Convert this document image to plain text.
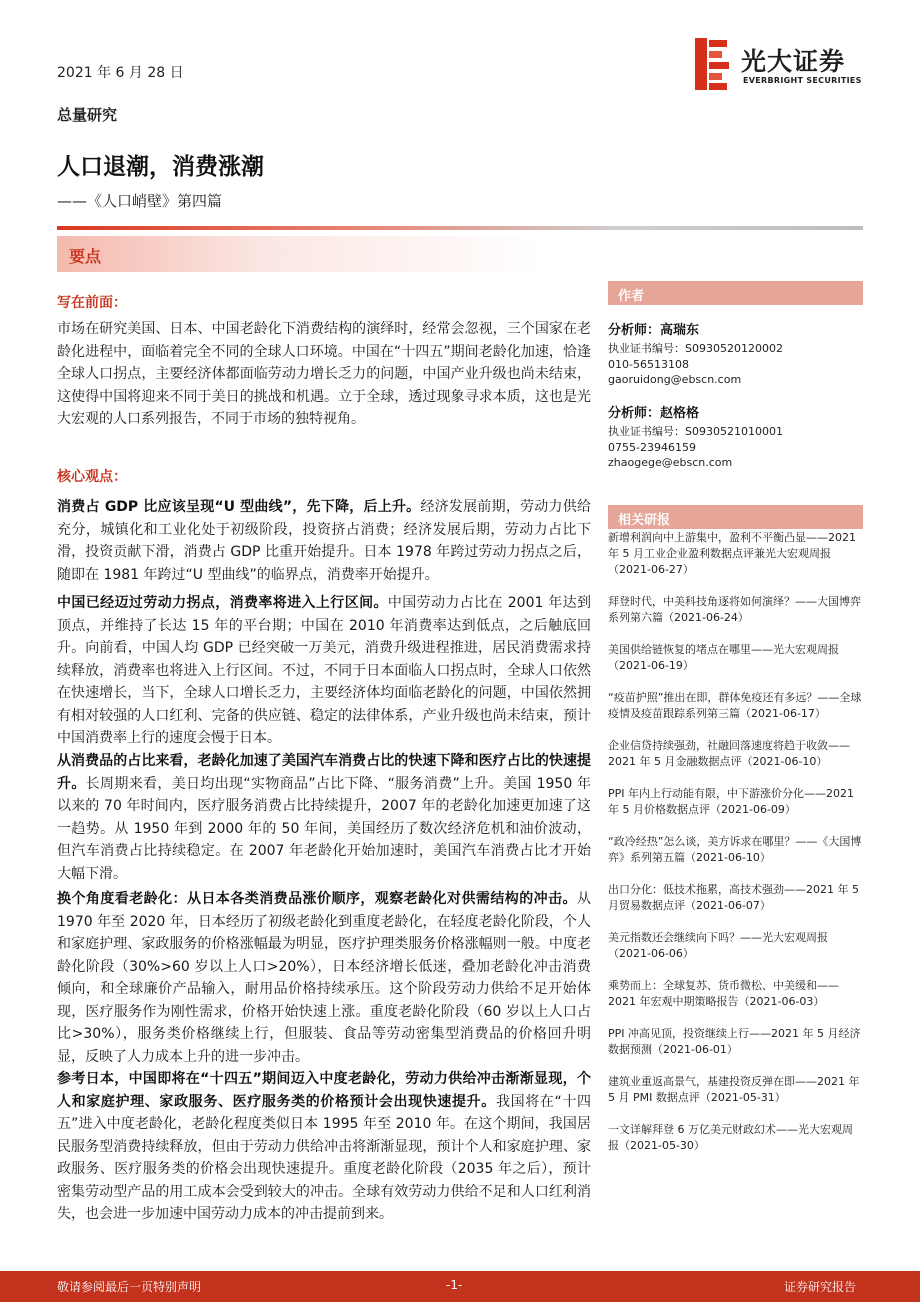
2021 年 6 月 28 日	光大证券
EVERBRIGHT SECURITIES
总量研究
人口退潮，消费涨潮
——《人口峭壁》第四篇
要点
写在前面：

市场在研究美国、日本、中国老龄化下消费结构的演绎时，经常会忽视，三个国家在老龄化进程中，面临着完全不同的全球人口环境。中国在“十四五”期间老龄化加速，恰逢全球人口拐点，主要经济体都面临劳动力增长乏力的问题，中国产业升级也尚未结束，这使得中国将迎来不同于美日的挑战和机遇。立于全球，透过现象寻求本质，这也是光大宏观的人口系列报告，不同于市场的独特视角。

核心观点：

消费占 GDP 比应该呈现“U 型曲线”，先下降，后上升。经济发展前期，劳动力供给充分，城镇化和工业化处于初级阶段，投资挤占消费；经济发展后期，劳动力占比下滑，投资贡献下滑，消费占 GDP 比重开始提升。日本 1978 年跨过劳动力拐点之后，随即在 1981 年跨过“U 型曲线”的临界点，消费率开始提升。

中国已经迈过劳动力拐点，消费率将进入上行区间。中国劳动力占比在 2001 年达到顶点，并维持了长达 15 年的平台期；中国在 2010 年消费率达到低点，之后触底回升。向前看，中国人均 GDP 已经突破一万美元，消费升级进程推进，居民消费需求持续释放，消费率也将进入上行区间。不过，不同于日本面临人口拐点时，全球人口依然在快速增长，当下，全球人口增长乏力，主要经济体均面临老龄化的问题，中国依然拥有相对较强的人口红利、完备的供应链、稳定的法律体系，产业升级也尚未结束，预计中国消费率上行的速度会慢于日本。

从消费品的占比来看，老龄化加速了美国汽车消费占比的快速下降和医疗占比的快速提升。长周期来看，美日均出现“实物商品”占比下降、“服务消费”上升。美国 1950 年以来的 70 年时间内，医疗服务消费占比持续提升，2007 年的老龄化加速更加速了这一趋势。从 1950 年到 2000 年的 50 年间，美国经历了数次经济危机和油价波动，但汽车消费占比持续稳定。在 2007 年老龄化开始加速时，美国汽车消费占比才开始大幅下滑。

换个角度看老龄化：从日本各类消费品涨价顺序，观察老龄化对供需结构的冲击。从 1970 年至 2020 年，日本经历了初级老龄化到重度老龄化，在轻度老龄化阶段，个人和家庭护理、家政服务的价格涨幅最为明显，医疗护理类服务价格涨幅则一般。中度老龄化阶段（30%>60 岁以上人口>20%），日本经济增长低迷，叠加老龄化冲击消费倾向，和全球廉价产品输入，耐用品价格持续承压。这个阶段劳动力供给不足开始体现，医疗服务作为刚性需求，价格开始快速上涨。重度老龄化阶段（60 岁以上人口占比>30%），服务类价格继续上行，但服装、食品等劳动密集型消费品的价格回升明显，反映了人力成本上升的进一步冲击。

参考日本，中国即将在“十四五”期间迈入中度老龄化，劳动力供给冲击渐渐显现，个人和家庭护理、家政服务、医疗服务类的价格预计会出现快速提升。我国将在“十四五”进入中度老龄化，老龄化程度类似日本 1995 年至 2010 年。在这个期间，我国居民服务型消费持续释放，但由于劳动力供给冲击将渐渐显现，预计个人和家庭护理、家政服务、医疗服务类的价格会出现快速提升。重度老龄化阶段（2035 年之后），预计密集劳动型产品的用工成本会受到较大的冲击。全球有效劳动力供给不足和人口红利消失，也会进一步加速中国劳动力成本的冲击提前到来。

作者
分析师：高瑞东
执业证书编号：S0930520120002
010-56513108
gaoruidong@ebscn.com
分析师：赵格格
执业证书编号：S0930521010001
0755-23946159
zhaogege@ebscn.com
相关研报
新增利润向中上游集中，盈利不平衡凸显——2021 年 5 月工业企业盈利数据点评兼光大宏观周报（2021-06-27）
拜登时代，中美科技角逐将如何演绎？——大国博弈系列第六篇（2021-06-24）
美国供给链恢复的堵点在哪里——光大宏观周报（2021-06-19）
“疫苗护照”推出在即，群体免疫还有多远？——全球疫情及疫苗跟踪系列第三篇（2021-06-17）
企业信贷持续强劲，社融回落速度将趋于收敛——2021 年 5 月金融数据点评（2021-06-10）
PPI 年内上行动能有限，中下游涨价分化——2021 年 5 月价格数据点评（2021-06-09）
“政冷经热”怎么谈，美方诉求在哪里？——《大国博弈》系列第五篇（2021-06-10）
出口分化：低技术拖累，高技术强劲——2021 年 5 月贸易数据点评（2021-06-07）
美元指数还会继续向下吗？——光大宏观周报（2021-06-06）
乘势而上：全球复苏、货币微松、中美缓和——2021 年宏观中期策略报告（2021-06-03）
PPI 冲高见顶，投资继续上行——2021 年 5 月经济数据预测（2021-06-01）
建筑业重返高景气，基建投资反弹在即——2021 年 5 月 PMI 数据点评（2021-05-31）
一文详解拜登 6 万亿美元财政幻术——光大宏观周报（2021-05-30）
敬请参阅最后一页特别声明	-1-	证券研究报告
